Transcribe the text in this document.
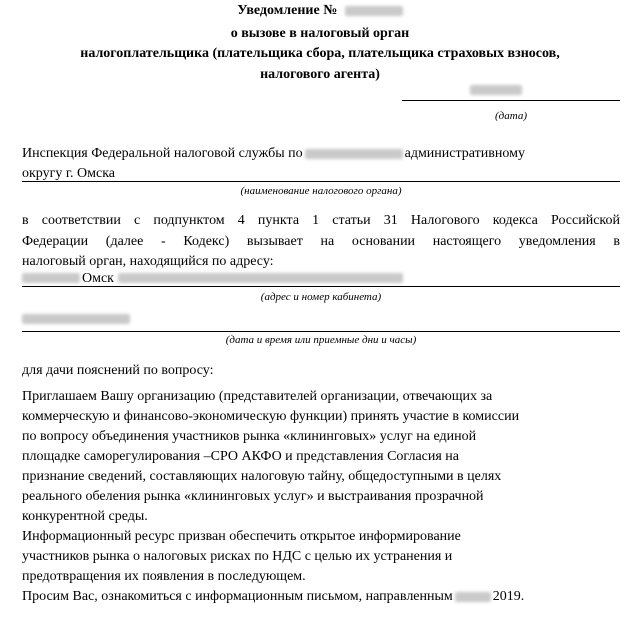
Уведомление №
о вызове в налоговый орган
налогоплательщика (плательщика сбора, плательщика страховых взносов,
налогового агента)
(дата)
Инспекция Федеральной налоговой службы по	административному
округу г. Омска
(наименование налогового органа)
в соответствии с подпунктом 4 пункта 1 статьи 31 Налогового кодекса Российской
Федерации (далее - Кодекс) вызывает на основании настоящего уведомления в
налоговый орган, находящийся по адресу:
Омск
(адрес и номер кабинета)
(дата и время или приемные дни и часы)
для дачи пояснений по вопросу:
Приглашаем Вашу организацию (представителей организации, отвечающих за
коммерческую и финансово-экономическую функции) принять участие в комиссии
по вопросу объединения участников рынка «клининговых» услуг на единой
площадке саморегулирования –СРО АКФО и представления Согласия на
признание сведений, составляющих налоговую тайну, общедоступными в целях
реального обеления рынка «клининговых услуг» и выстраивания прозрачной
конкурентной среды.
Информационный ресурс призван обеспечить открытое информирование
участников рынка о налоговых рисках по НДС с целью их устранения и
предотвращения их появления в последующем.
Просим Вас, ознакомиться с информационным письмом, направленным	2019.
